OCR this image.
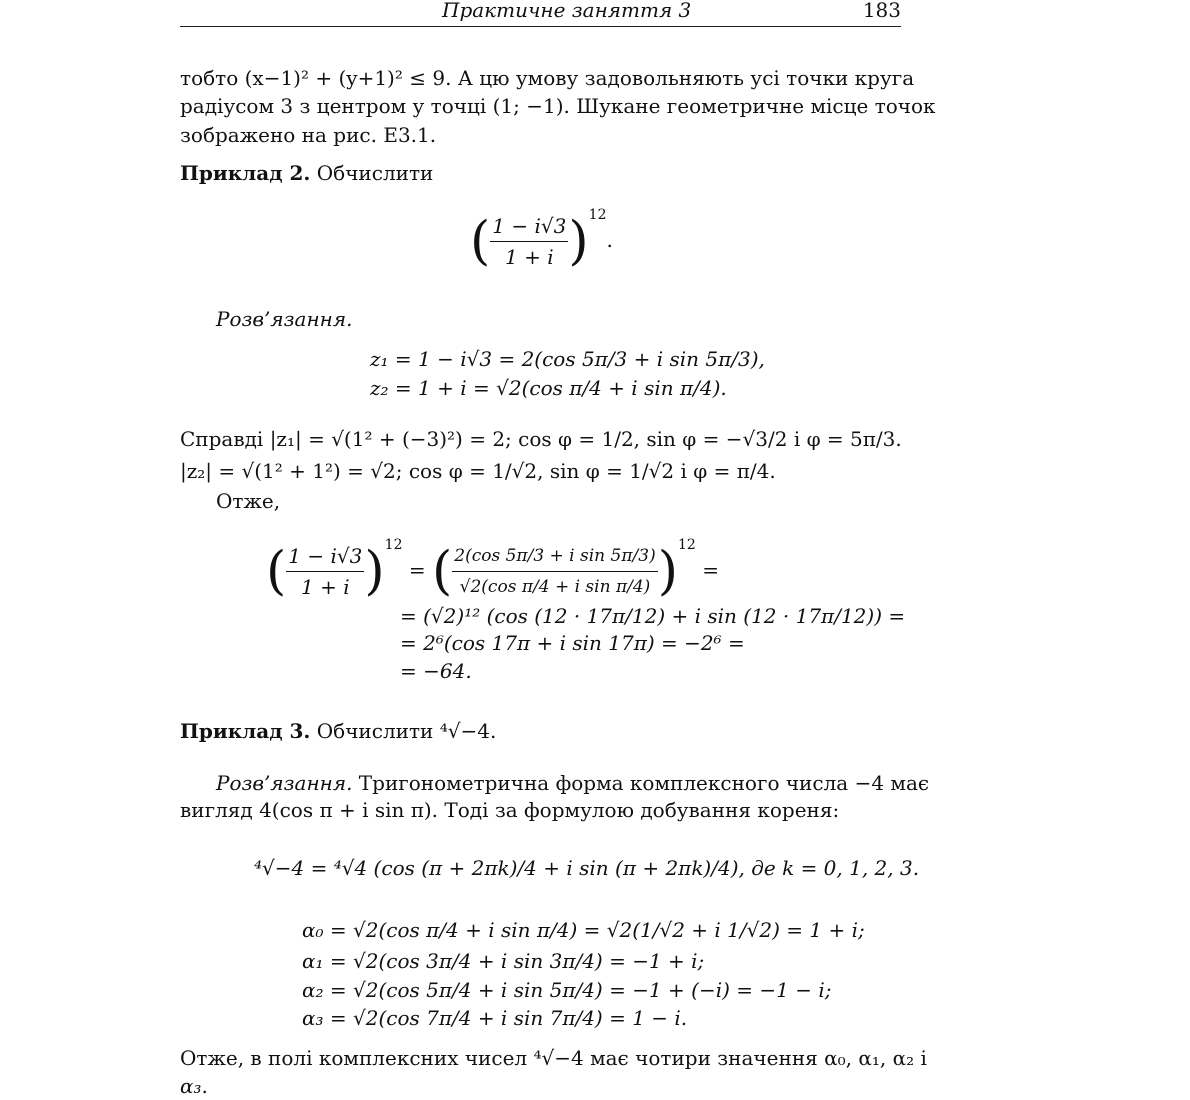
Практичне заняття 3	183
тобто (x−1)² + (y+1)² ≤ 9. А цю умову задовольняють усі точки круга
радіусом 3 з центром у точці (1; −1). Шукане геометричне місце точок
зображено на рис. E3.1.
Приклад 2. Обчислити
( $\frac{1 - i√3}{1 + i} )^{12}$.
Розв’язання.
z₁ = 1 − i√3 = 2(cos 5π/3 + i sin 5π/3),
z₂ = 1 + i = √2(cos π/4 + i sin π/4).
Справді |z₁| = √(1² + (−3)²) = 2; cos φ = 1/2, sin φ = −√3/2 і φ = 5π/3.
|z₂| = √(1² + 1²) = √2; cos φ = 1/√2, sin φ = 1/√2 і φ = π/4.
Отже,
( $\frac{1 - i√3}{1 + i} )^{12}$ = ( $\frac{\text{2(cos 5π/3 + i sin 5π/3)}}{\text{√2(cos π/4 + i sin π/4)}} )^{12}$ =
= (√2)¹² (cos (12 · 17π/12) + i sin (12 · 17π/12)) =
= 2⁶(cos 17π + i sin 17π) = −2⁶ =
= −64.
Приклад 3. Обчислити ⁴√−4.
Розв’язання. Тригонометрична форма комплексного числа −4 має
вигляд 4(cos π + i sin π). Тоді за формулою добування кореня:
⁴√−4 = ⁴√4 (cos (π + 2πk)/4 + i sin (π + 2πk)/4), де k = 0, 1, 2, 3.
α₀ = √2(cos π/4 + i sin π/4) = √2(1/√2 + i 1/√2) = 1 + i;
α₁ = √2(cos 3π/4 + i sin 3π/4) = −1 + i;
α₂ = √2(cos 5π/4 + i sin 5π/4) = −1 + (−i) = −1 − i;
α₃ = √2(cos 7π/4 + i sin 7π/4) = 1 − i.
Отже, в полі комплексних чисел ⁴√−4 має чотири значення α₀, α₁, α₂ і
α₃.
